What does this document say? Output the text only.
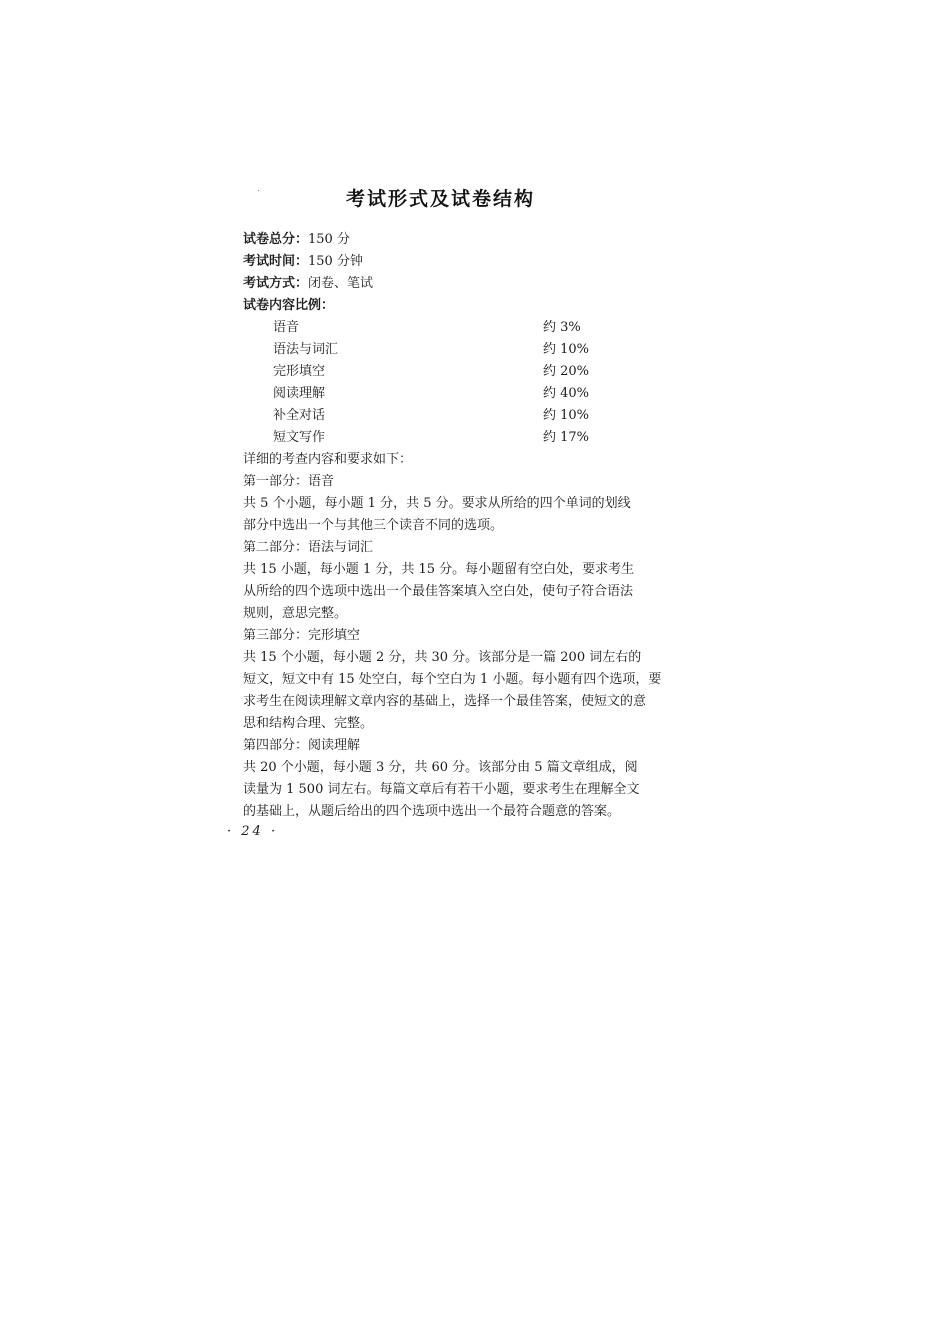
考试形式及试卷结构
试卷总分：150 分
考试时间：150 分钟
考试方式：闭卷、笔试
试卷内容比例：
语音	约 3%
语法与词汇	约 10%
完形填空	约 20%
阅读理解	约 40%
补全对话	约 10%
短文写作	约 17%
详细的考查内容和要求如下：
第一部分：语音
共 5 个小题，每小题 1 分，共 5 分。要求从所给的四个单词的划线
部分中选出一个与其他三个读音不同的选项。
第二部分：语法与词汇
共 15 小题，每小题 1 分，共 15 分。每小题留有空白处，要求考生
从所给的四个选项中选出一个最佳答案填入空白处，使句子符合语法
规则，意思完整。
第三部分：完形填空
共 15 个小题，每小题 2 分，共 30 分。该部分是一篇 200 词左右的
短文，短文中有 15 处空白，每个空白为 1 小题。每小题有四个选项，要
求考生在阅读理解文章内容的基础上，选择一个最佳答案，使短文的意
思和结构合理、完整。
第四部分：阅读理解
共 20 个小题，每小题 3 分，共 60 分。该部分由 5 篇文章组成，阅
读量为 1 500 词左右。每篇文章后有若干小题，要求考生在理解全文
的基础上，从题后给出的四个选项中选出一个最符合题意的答案。
· 24 ·
